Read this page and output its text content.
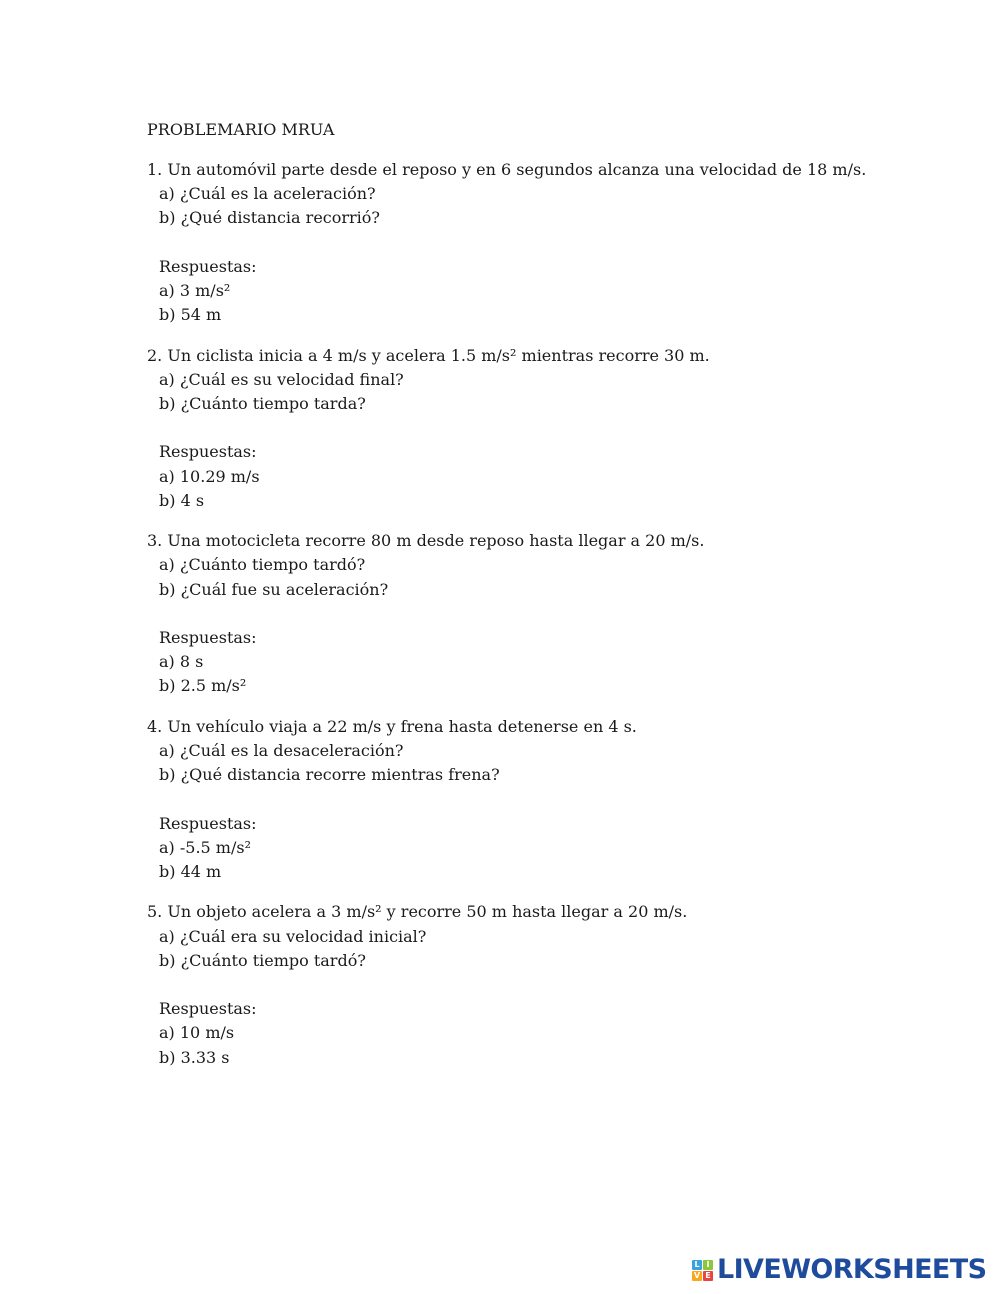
PROBLEMARIO MRUA
1. Un automóvil parte desde el reposo y en 6 segundos alcanza una velocidad de 18 m/s.
a) ¿Cuál es la aceleración?
b) ¿Qué distancia recorrió?
Respuestas:
a) 3 m/s²
b) 54 m
2. Un ciclista inicia a 4 m/s y acelera 1.5 m/s² mientras recorre 30 m.
a) ¿Cuál es su velocidad final?
b) ¿Cuánto tiempo tarda?
Respuestas:
a) 10.29 m/s
b) 4 s
3. Una motocicleta recorre 80 m desde reposo hasta llegar a 20 m/s.
a) ¿Cuánto tiempo tardó?
b) ¿Cuál fue su aceleración?
Respuestas:
a) 8 s
b) 2.5 m/s²
4. Un vehículo viaja a 22 m/s y frena hasta detenerse en 4 s.
a) ¿Cuál es la desaceleración?
b) ¿Qué distancia recorre mientras frena?
Respuestas:
a) -5.5 m/s²
b) 44 m
5. Un objeto acelera a 3 m/s² y recorre 50 m hasta llegar a 20 m/s.
a) ¿Cuál era su velocidad inicial?
b) ¿Cuánto tiempo tardó?
Respuestas:
a) 10 m/s
b) 3.33 s
L I
V E LIVEWORKSHEETS
